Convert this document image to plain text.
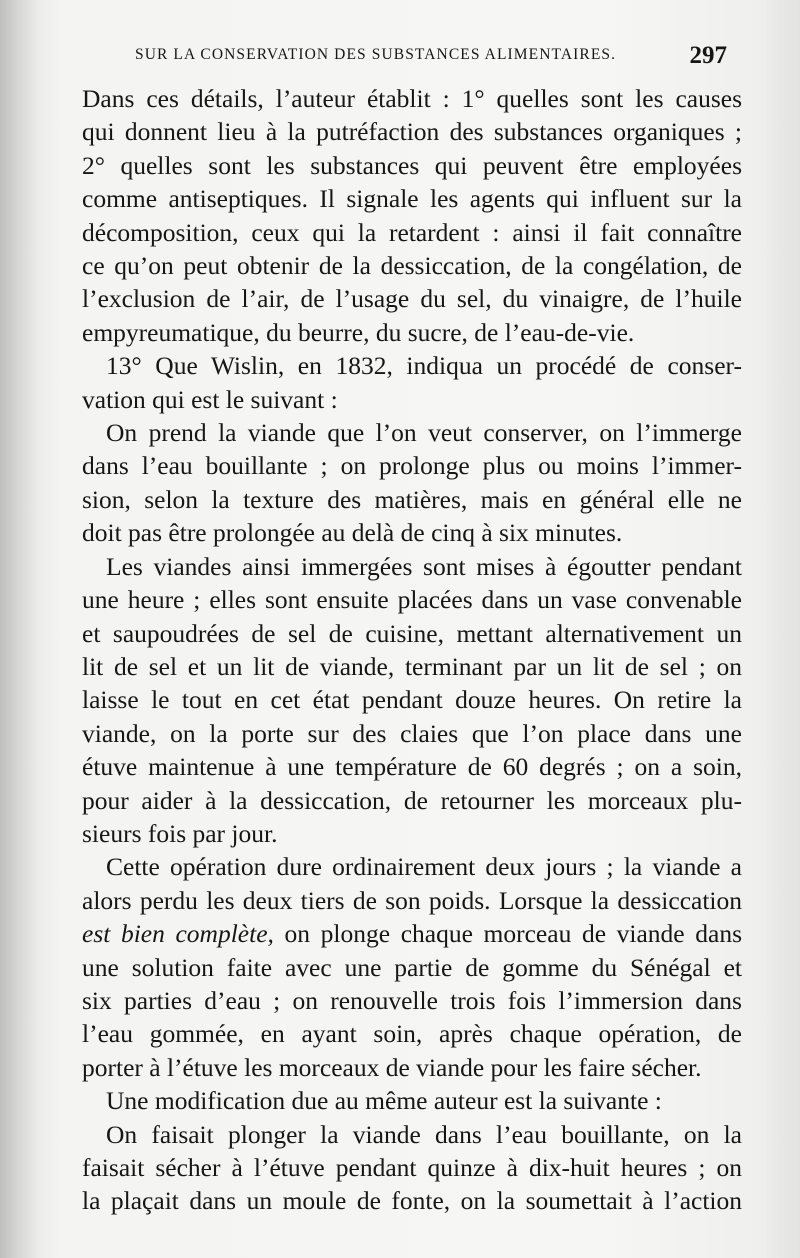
SUR LA CONSERVATION DES SUBSTANCES ALIMENTAIRES.	297

Dans ces détails, l’auteur établit : 1° quelles sont les causes
qui donnent lieu à la putréfaction des substances organiques ;
2° quelles sont les substances qui peuvent être employées
comme antiseptiques. Il signale les agents qui influent sur la
décomposition, ceux qui la retardent : ainsi il fait connaître
ce qu’on peut obtenir de la dessiccation, de la congélation, de
l’exclusion de l’air, de l’usage du sel, du vinaigre, de l’huile
empyreumatique, du beurre, du sucre, de l’eau-de-vie.

13° Que Wislin, en 1832, indiqua un procédé de conser-
vation qui est le suivant :

On prend la viande que l’on veut conserver, on l’immerge
dans l’eau bouillante ; on prolonge plus ou moins l’immer-
sion, selon la texture des matières, mais en général elle ne
doit pas être prolongée au delà de cinq à six minutes.

Les viandes ainsi immergées sont mises à égoutter pendant
une heure ; elles sont ensuite placées dans un vase convenable
et saupoudrées de sel de cuisine, mettant alternativement un
lit de sel et un lit de viande, terminant par un lit de sel ; on
laisse le tout en cet état pendant douze heures. On retire la
viande, on la porte sur des claies que l’on place dans une
étuve maintenue à une température de 60 degrés ; on a soin,
pour aider à la dessiccation, de retourner les morceaux plu-
sieurs fois par jour.

Cette opération dure ordinairement deux jours ; la viande a
alors perdu les deux tiers de son poids. Lorsque la dessiccation
est bien complète, on plonge chaque morceau de viande dans
une solution faite avec une partie de gomme du Sénégal et
six parties d’eau ; on renouvelle trois fois l’immersion dans
l’eau gommée, en ayant soin, après chaque opération, de
porter à l’étuve les morceaux de viande pour les faire sécher.

Une modification due au même auteur est la suivante :

On faisait plonger la viande dans l’eau bouillante, on la
faisait sécher à l’étuve pendant quinze à dix-huit heures ; on
la plaçait dans un moule de fonte, on la soumettait à l’action
